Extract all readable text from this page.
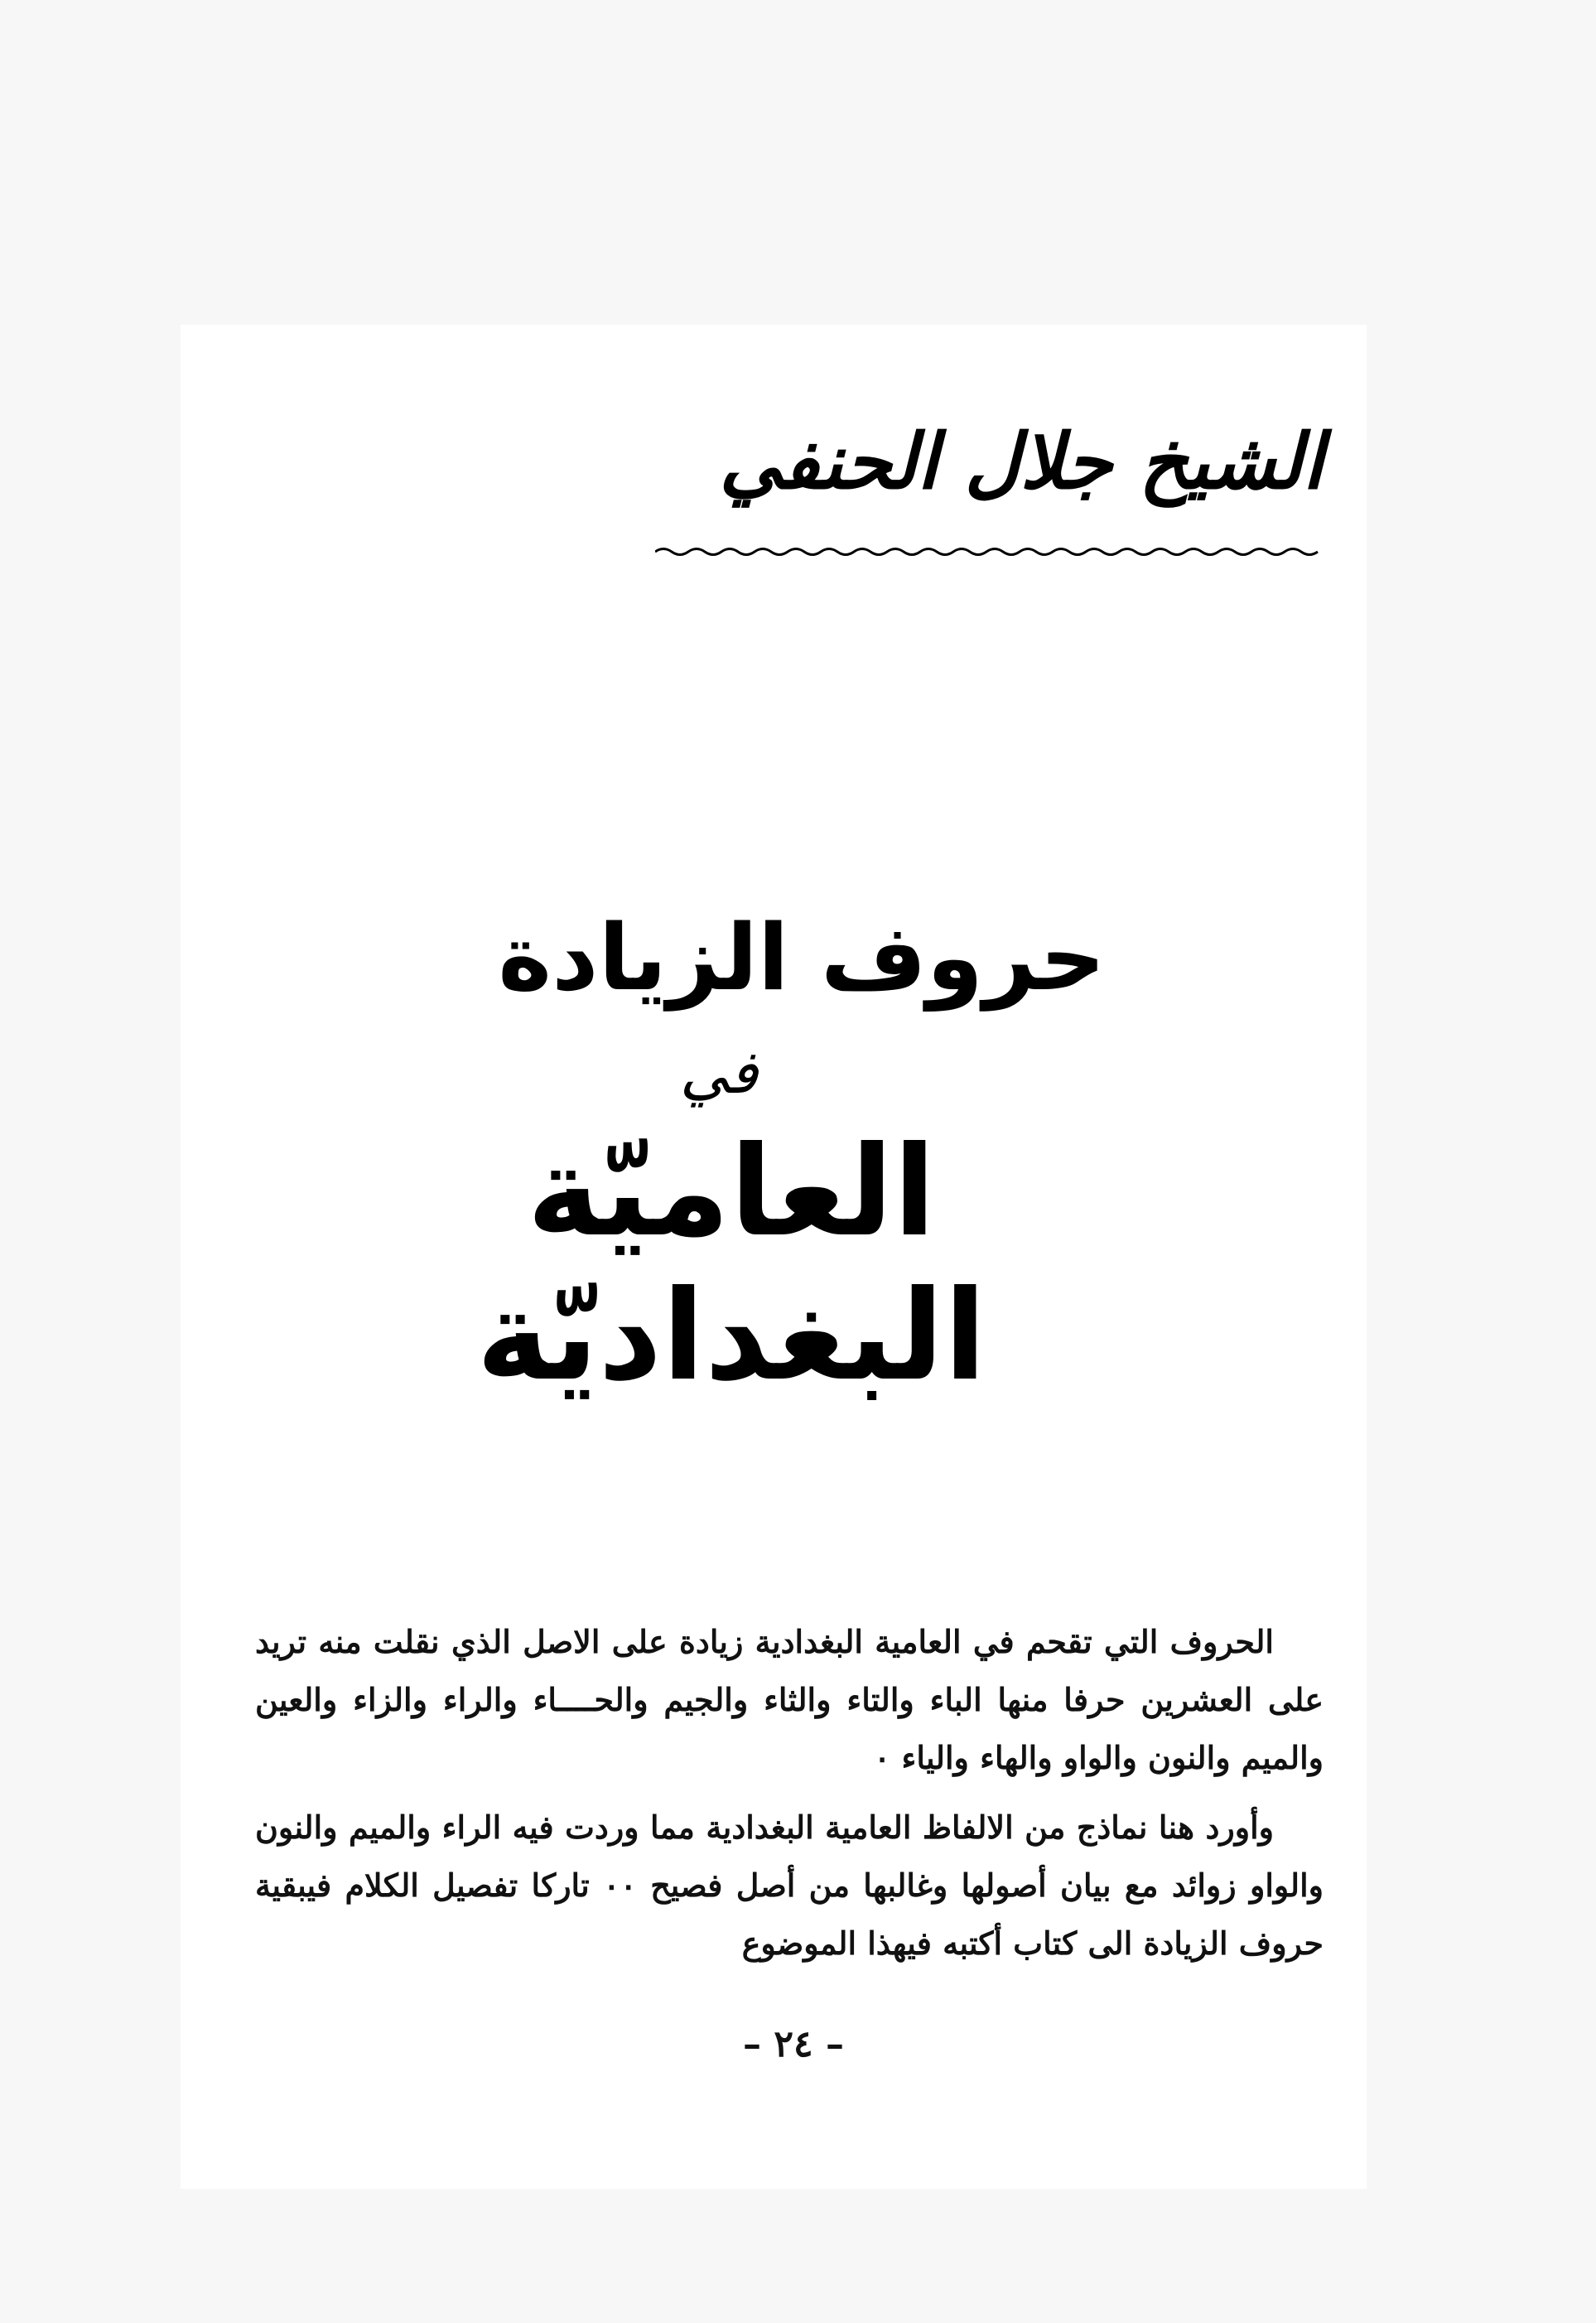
الشيخ جلال الحنفي
حروف الزيادة
في
العاميّة البغداديّة

الحروف التي تقحم في العامية البغدادية زيادة على الاصل الذي نقلت منه تريد على العشرين حرفا منها الباء والتاء والثاء والجيم والحــــاء والراء والزاء والعين والميم والنون والواو والهاء والياء ٠

وأورد هنا نماذج من الالفاظ العامية البغدادية مما وردت فيه الراء والميم والنون والواو زوائد مع بيان أصولها وغالبها من أصل فصيح ٠٠ تاركا تفصيل الكلام فيبقية حروف الزيادة الى كتاب أكتبه فيهذا الموضوع

– ٢٤ –
